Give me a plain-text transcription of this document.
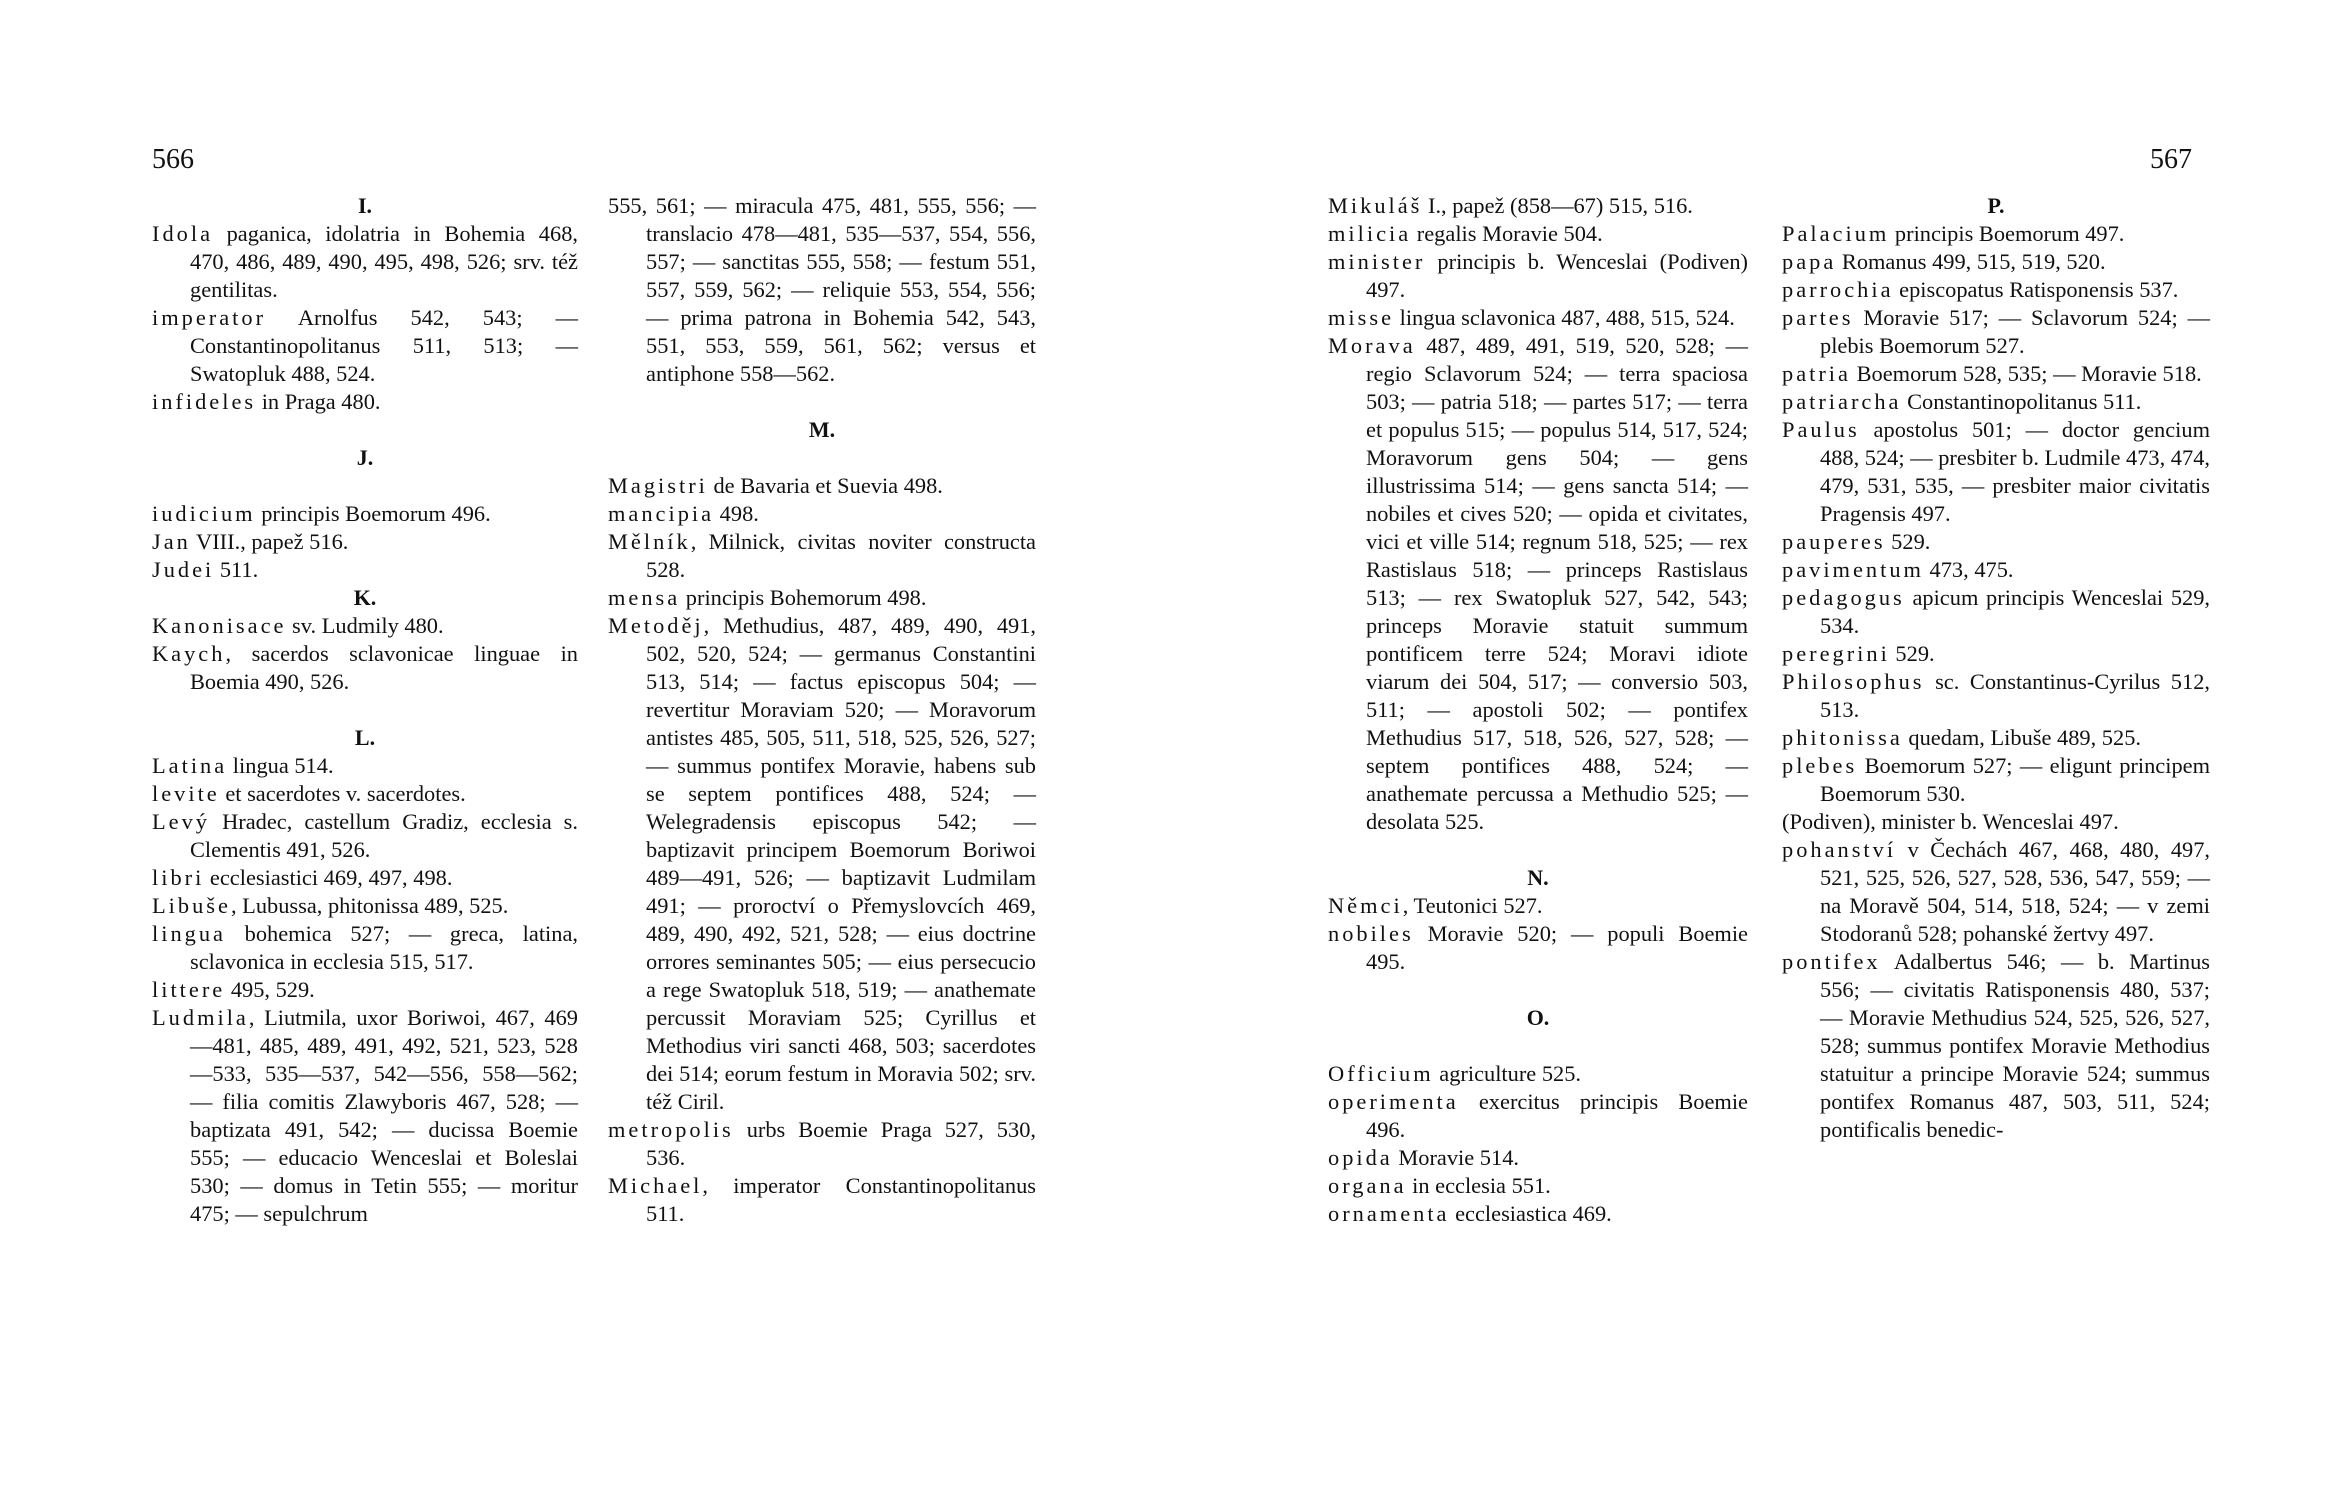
566	567
I.
Idola paganica, idolatria in Bohemia 468, 470, 486, 489, 490, 495, 498, 526; srv. též gentilitas.
imperator Arnolfus 542, 543; — Constantinopolitanus 511, 513; — Swatopluk 488, 524.
infideles in Praga 480.
J.
iudicium principis Boemorum 496.
Jan VIII., papež 516.
Judei 511.
K.
Kanonisace sv. Ludmily 480.
Kaych, sacerdos sclavonicae linguae in Boemia 490, 526.
L.
Latina lingua 514.
levite et sacerdotes v. sacerdotes.
Levý Hradec, castellum Gradiz, ecclesia s. Clementis 491, 526.
libri ecclesiastici 469, 497, 498.
Libuše, Lubussa, phitonissa 489, 525.
lingua bohemica 527; — greca, latina, sclavonica in ecclesia 515, 517.
littere 495, 529.
Ludmila, Liutmila, uxor Boriwoi, 467, 469—481, 485, 489, 491, 492, 521, 523, 528—533, 535—537, 542—556, 558—562; — filia comitis Zlawyboris 467, 528; — baptizata 491, 542; — ducissa Boemie 555; — educacio Wenceslai et Boleslai 530; — domus in Tetin 555; — moritur 475; — sepulchrum
555, 561; — miracula 475, 481, 555, 556; — translacio 478—481, 535—537, 554, 556, 557; — sanctitas 555, 558; — festum 551, 557, 559, 562; — reliquie 553, 554, 556; — prima patrona in Bohemia 542, 543, 551, 553, 559, 561, 562; versus et antiphone 558—562.
M.
Magistri de Bavaria et Suevia 498.
mancipia 498.
Mělník, Milnick, civitas noviter constructa 528.
mensa principis Bohemorum 498.
Metoděj, Methudius, 487, 489, 490, 491, 502, 520, 524; — germanus Constantini 513, 514; — factus episcopus 504; — revertitur Moraviam 520; — Moravorum antistes 485, 505, 511, 518, 525, 526, 527; — summus pontifex Moravie, habens sub se septem pontifices 488, 524; — Welegradensis episcopus 542; — baptizavit principem Boemorum Boriwoi 489—491, 526; — baptizavit Ludmilam 491; — proroctví o Přemyslovcích 469, 489, 490, 492, 521, 528; — eius doctrine orrores seminantes 505; — eius persecucio a rege Swatopluk 518, 519; — anathemate percussit Moraviam 525; Cyrillus et Methodius viri sancti 468, 503; sacerdotes dei 514; eorum festum in Moravia 502; srv. též Ciril.
metropolis urbs Boemie Praga 527, 530, 536.
Michael, imperator Constantinopolitanus 511.
Mikuláš I., papež (858—67) 515, 516.
milicia regalis Moravie 504.
minister principis b. Wenceslai (Podiven) 497.
misse lingua sclavonica 487, 488, 515, 524.
Morava 487, 489, 491, 519, 520, 528; — regio Sclavorum 524; — terra spaciosa 503; — patria 518; — partes 517; — terra et populus 515; — populus 514, 517, 524; Moravorum gens 504; — gens illustrissima 514; — gens sancta 514; — nobiles et cives 520; — opida et civitates, vici et ville 514; regnum 518, 525; — rex Rastislaus 518; — princeps Rastislaus 513; — rex Swatopluk 527, 542, 543; princeps Moravie statuit summum pontificem terre 524; Moravi idiote viarum dei 504, 517; — conversio 503, 511; — apostoli 502; — pontifex Methudius 517, 518, 526, 527, 528; — septem pontifices 488, 524; — anathemate percussa a Methudio 525; — desolata 525.
N.
Němci, Teutonici 527.
nobiles Moravie 520; — populi Boemie 495.
O.
Officium agriculture 525.
operimenta exercitus principis Boemie 496.
opida Moravie 514.
organa in ecclesia 551.
ornamenta ecclesiastica 469.
P.
Palacium principis Boemorum 497.
papa Romanus 499, 515, 519, 520.
parrochia episcopatus Ratisponensis 537.
partes Moravie 517; — Sclavorum 524; — plebis Boemorum 527.
patria Boemorum 528, 535; — Moravie 518.
patriarcha Constantinopolitanus 511.
Paulus apostolus 501; — doctor gencium 488, 524; — presbiter b. Ludmile 473, 474, 479, 531, 535, — presbiter maior civitatis Pragensis 497.
pauperes 529.
pavimentum 473, 475.
pedagogus apicum principis Wenceslai 529, 534.
peregrini 529.
Philosophus sc. Constantinus-Cyrilus 512, 513.
phitonissa quedam, Libuše 489, 525.
plebes Boemorum 527; — eligunt principem Boemorum 530.
(Podiven), minister b. Wenceslai 497.
pohanství v Čechách 467, 468, 480, 497, 521, 525, 526, 527, 528, 536, 547, 559; — na Moravě 504, 514, 518, 524; — v zemi Stodoranů 528; pohanské žertvy 497.
pontifex Adalbertus 546; — b. Martinus 556; — civitatis Ratisponensis 480, 537; — Moravie Methudius 524, 525, 526, 527, 528; summus pontifex Moravie Methodius statuitur a principe Moravie 524; summus pontifex Romanus 487, 503, 511, 524; pontificalis benedic-
